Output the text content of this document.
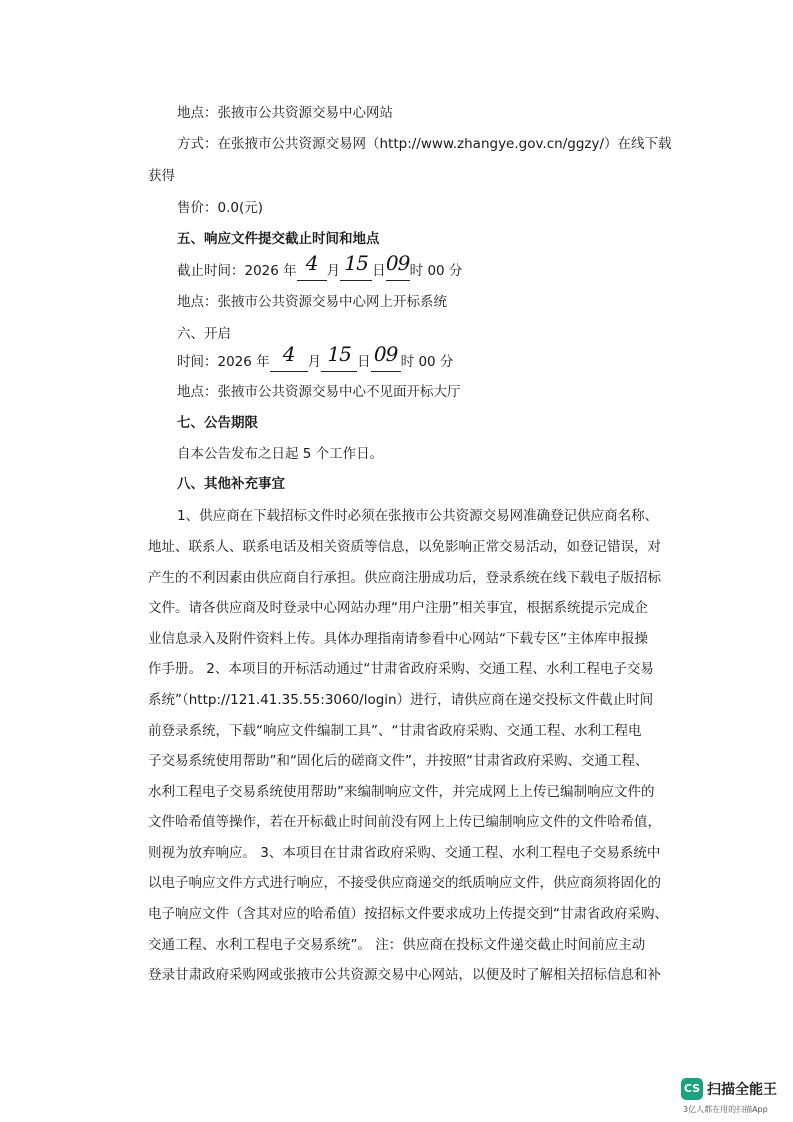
地点：张掖市公共资源交易中心网站
方式：在张掖市公共资源交易网（http://www.zhangye.gov.cn/ggzy/）在线下载
获得
售价：0.0(元)
五、响应文件提交截止时间和地点
截止时间：2026 年 4 月 15 日 09 时 00 分
地点：张掖市公共资源交易中心网上开标系统
六、开启
时间：2026 年 4 月 15 日 09 时 00 分
地点：张掖市公共资源交易中心不见面开标大厅
七、公告期限
自本公告发布之日起 5 个工作日。
八、其他补充事宜
1、供应商在下载招标文件时必须在张掖市公共资源交易网准确登记供应商名称、
地址、联系人、联系电话及相关资质等信息，以免影响正常交易活动，如登记错误，对
产生的不利因素由供应商自行承担。供应商注册成功后，登录系统在线下载电子版招标
文件。请各供应商及时登录中心网站办理“用户注册”相关事宜，根据系统提示完成企
业信息录入及附件资料上传。具体办理指南请参看中心网站“下载专区”主体库申报操
作手册。 2、本项目的开标活动通过“甘肃省政府采购、交通工程、水利工程电子交易
系统”（http://121.41.35.55:3060/login）进行，请供应商在递交投标文件截止时间
前登录系统，下载“响应文件编制工具”、“甘肃省政府采购、交通工程、水利工程电
子交易系统使用帮助”和“固化后的磋商文件”，并按照“甘肃省政府采购、交通工程、
水利工程电子交易系统使用帮助”来编制响应文件，并完成网上上传已编制响应文件的
文件哈希值等操作，若在开标截止时间前没有网上上传已编制响应文件的文件哈希值，
则视为放弃响应。 3、本项目在甘肃省政府采购、交通工程、水利工程电子交易系统中
以电子响应文件方式进行响应，不接受供应商递交的纸质响应文件，供应商须将固化的
电子响应文件（含其对应的哈希值）按招标文件要求成功上传提交到“甘肃省政府采购、
交通工程、水利工程电子交易系统”。 注：供应商在投标文件递交截止时间前应主动
登录甘肃政府采购网或张掖市公共资源交易中心网站，以便及时了解相关招标信息和补
CS 扫描全能王
3亿人都在用的扫描App
